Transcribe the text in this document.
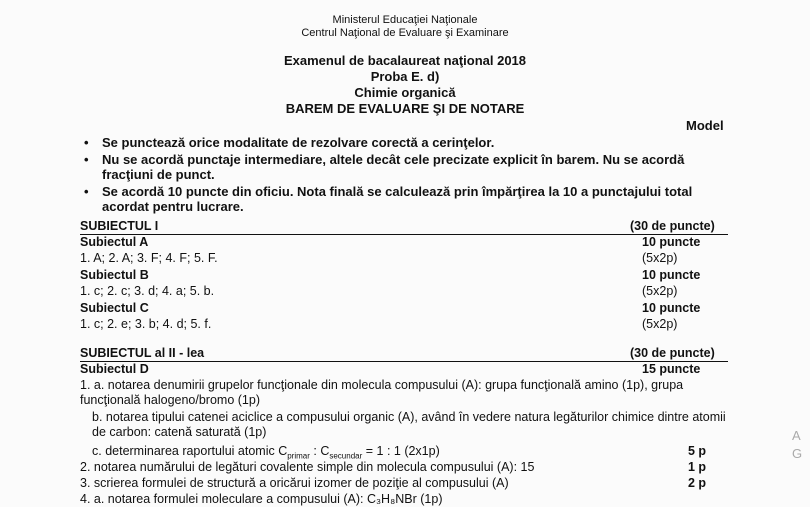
Ministerul Educaţiei Naţionale
Centrul Naţional de Evaluare şi Examinare
Examenul de bacalaureat naţional 2018
Proba E. d)
Chimie organică
BAREM DE EVALUARE ŞI DE NOTARE
Model
• Se punctează orice modalitate de rezolvare corectă a cerinţelor.
• Nu se acordă punctaje intermediare, altele decât cele precizate explicit în barem. Nu se acordă fracţiuni de punct.
• Se acordă 10 puncte din oficiu. Nota finală se calculează prin împărţirea la 10 a punctajului total acordat pentru lucrare.
SUBIECTUL I	(30 de puncte)
Subiectul A	10 puncte
1. A; 2. A; 3. F; 4. F; 5. F.	(5x2p)
Subiectul B	10 puncte
1. c; 2. c; 3. d; 4. a; 5. b.	(5x2p)
Subiectul C	10 puncte
1. c; 2. e; 3. b; 4. d; 5. f.	(5x2p)
SUBIECTUL al II - lea	(30 de puncte)
Subiectul D	15 puncte
1. a. notarea denumirii grupelor funcţionale din molecula compusului (A): grupa funcţională amino (1p), grupa funcţională halogeno/bromo (1p)
b. notarea tipului catenei aciclice a compusului organic (A), având în vedere natura legăturilor chimice dintre atomii de carbon: catenă saturată (1p)
c. determinarea raportului atomic $C_{primar}$ : $C_{secundar} = 1$ : 1 (2x1p)	5 p
2. notarea numărului de legături covalente simple din molecula compusului (A): 15	1 p
3. scrierea formulei de structură a oricărui izomer de poziţie al compusului (A)	2 p
4. a. notarea formulei moleculare a compusului (A): C₃H₈NBr (1p)
A
G
